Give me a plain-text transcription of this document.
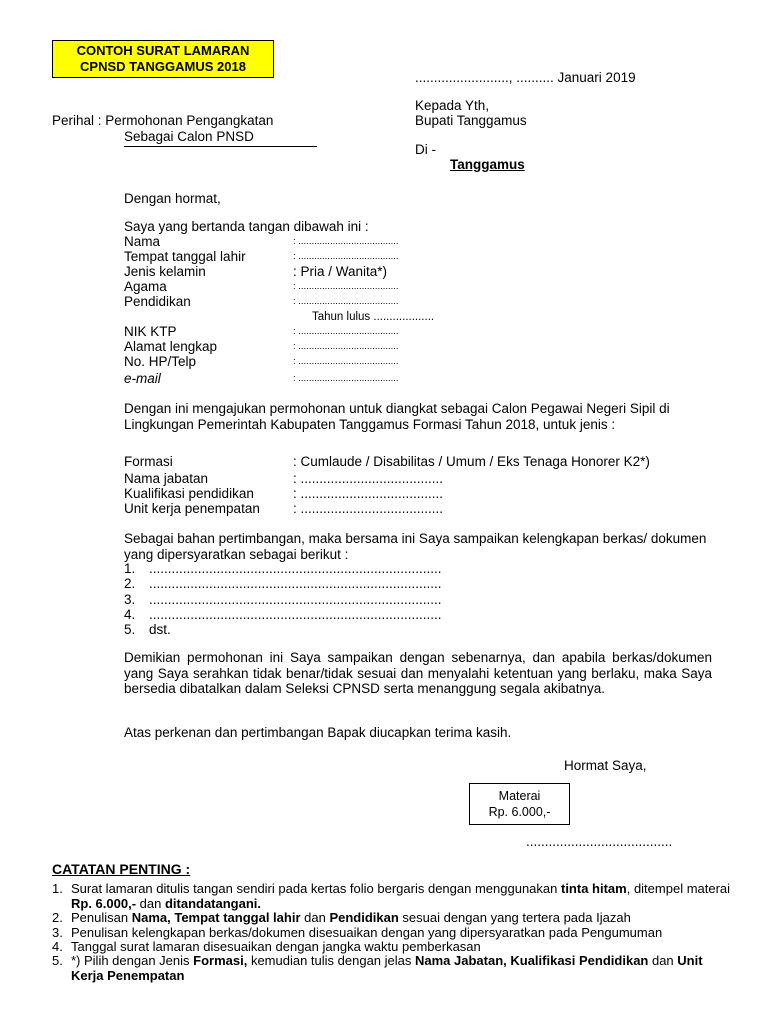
CONTOH SURAT LAMARAN
CPNSD TANGGAMUS 2018
........................., .......... Januari 2019
Kepada Yth,
Bupati Tanggamus
Di -
Tanggamus
Perihal : Permohonan Pengangkatan
Sebagai Calon PNSD
Dengan hormat,
Saya yang bertanda tangan dibawah ini :
Nama	: ......................................
Tempat tanggal lahir	: ......................................
Jenis kelamin	: Pria / Wanita*)
Agama	: ......................................
Pendidikan	: ......................................
Tahun lulus ...................
NIK KTP	: ......................................
Alamat lengkap	: ......................................
No. HP/Telp	: ......................................
e-mail	: ......................................
Dengan ini mengajukan permohonan untuk diangkat sebagai Calon Pegawai Negeri Sipil di Lingkungan Pemerintah Kabupaten Tanggamus Formasi Tahun 2018, untuk jenis :
Formasi	: Cumlaude / Disabilitas / Umum / Eks Tenaga Honorer K2*)
Nama jabatan	: ......................................
Kualifikasi pendidikan	: ......................................
Unit kerja penempatan : ......................................
Sebagai bahan pertimbangan, maka bersama ini Saya sampaikan kelengkapan berkas/ dokumen yang dipersyaratkan sebagai berikut :
1. ..............................................................................
2. ..............................................................................
3. ..............................................................................
4. ..............................................................................
5. dst.
Demikian permohonan ini Saya sampaikan dengan sebenarnya, dan apabila berkas/dokumen yang Saya serahkan tidak benar/tidak sesuai dan menyalahi ketentuan yang berlaku, maka Saya bersedia dibatalkan dalam Seleksi CPNSD serta menanggung segala akibatnya.
Atas perkenan dan pertimbangan Bapak diucapkan terima kasih.
Hormat Saya,
Materai
Rp. 6.000,-
.......................................
CATATAN PENTING :
1. Surat lamaran ditulis tangan sendiri pada kertas folio bergaris dengan menggunakan tinta hitam, ditempel materai Rp. 6.000,- dan ditandatangani.
2. Penulisan Nama, Tempat tanggal lahir dan Pendidikan sesuai dengan yang tertera pada Ijazah
3. Penulisan kelengkapan berkas/dokumen disesuaikan dengan yang dipersyaratkan pada Pengumuman
4. Tanggal surat lamaran disesuaikan dengan jangka waktu pemberkasan
5. *) Pilih dengan Jenis Formasi, kemudian tulis dengan jelas Nama Jabatan, Kualifikasi Pendidikan dan Unit Kerja Penempatan
